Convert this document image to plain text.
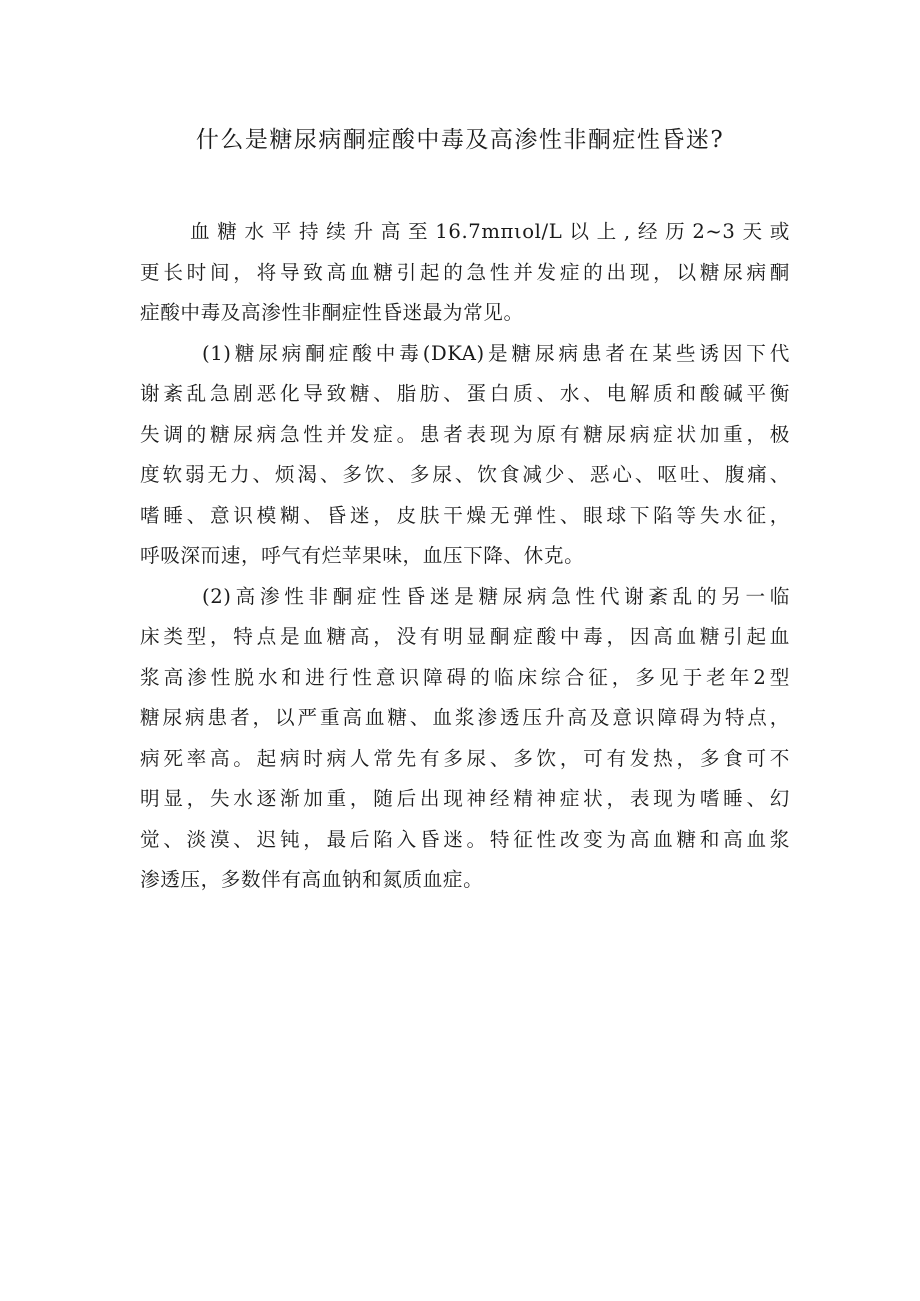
什么是糖尿病酮症酸中毒及高渗性非酮症性昏迷?
血糖水平持续升高至16.7mπιol/L以上,经历2~3天或
更长时间，将导致高血糖引起的急性并发症的出现，以糖尿病酮
症酸中毒及高渗性非酮症性昏迷最为常见。
(1)糖尿病酮症酸中毒(DKA)是糖尿病患者在某些诱因下代
谢紊乱急剧恶化导致糖、脂肪、蛋白质、水、电解质和酸碱平衡
失调的糖尿病急性并发症。患者表现为原有糖尿病症状加重，极
度软弱无力、烦渴、多饮、多尿、饮食减少、恶心、呕吐、腹痛、
嗜睡、意识模糊、昏迷，皮肤干燥无弹性、眼球下陷等失水征，
呼吸深而速，呼气有烂苹果味，血压下降、休克。
(2)高渗性非酮症性昏迷是糖尿病急性代谢紊乱的另一临
床类型，特点是血糖高，没有明显酮症酸中毒，因高血糖引起血
浆高渗性脱水和进行性意识障碍的临床综合征，多见于老年2型
糖尿病患者，以严重高血糖、血浆渗透压升高及意识障碍为特点，
病死率高。起病时病人常先有多尿、多饮，可有发热，多食可不
明显，失水逐渐加重，随后出现神经精神症状，表现为嗜睡、幻
觉、淡漠、迟钝，最后陷入昏迷。特征性改变为高血糖和高血浆
渗透压，多数伴有高血钠和氮质血症。
